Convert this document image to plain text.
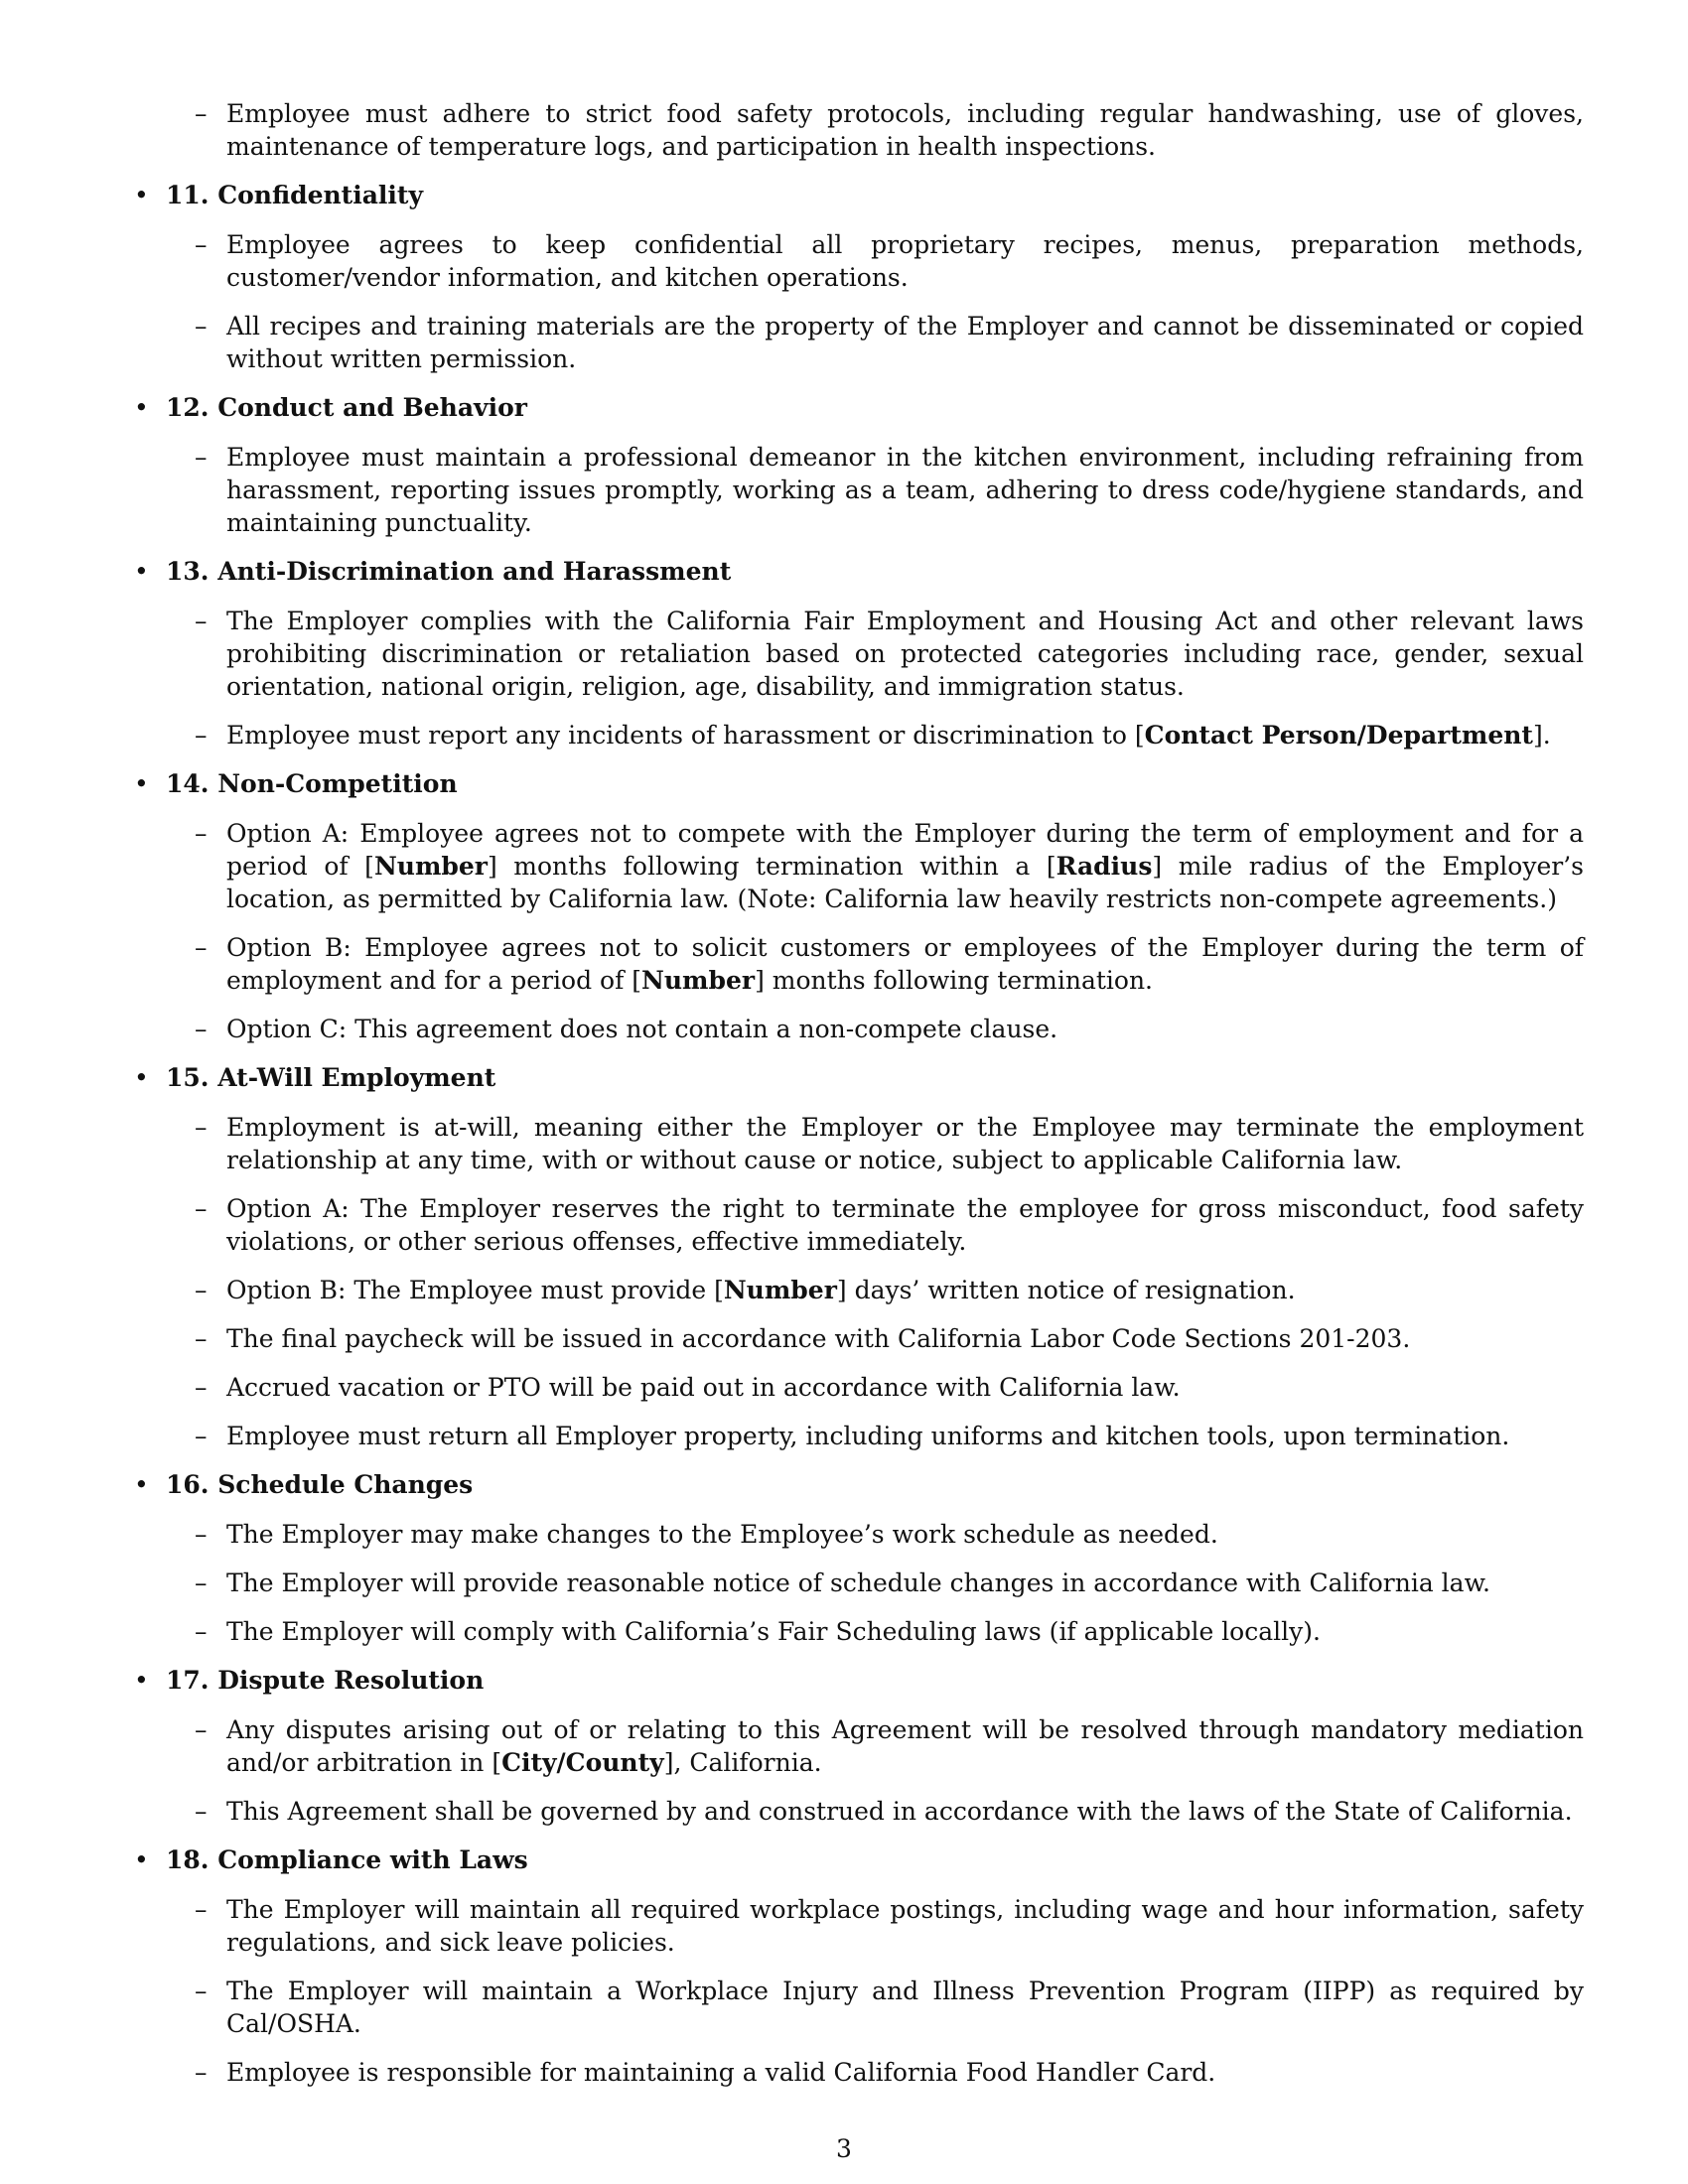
– Employee must adhere to strict food safety protocols, including regular handwashing, use of gloves, maintenance of temperature logs, and participation in health inspections.
• 11. Confidentiality
– Employee agrees to keep confidential all proprietary recipes, menus, preparation methods, customer/vendor information, and kitchen operations.
– All recipes and training materials are the property of the Employer and cannot be disseminated or copied without written permission.
• 12. Conduct and Behavior
– Employee must maintain a professional demeanor in the kitchen environment, including refraining from harassment, reporting issues promptly, working as a team, adhering to dress code/hygiene standards, and maintaining punctuality.
• 13. Anti-Discrimination and Harassment
– The Employer complies with the California Fair Employment and Housing Act and other relevant laws prohibiting discrimination or retaliation based on protected categories including race, gender, sexual orientation, national origin, religion, age, disability, and immigration status.
– Employee must report any incidents of harassment or discrimination to [Contact Person/Department].
• 14. Non-Competition
– Option A: Employee agrees not to compete with the Employer during the term of employment and for a period of [Number] months following termination within a [Radius] mile radius of the Employer’s location, as permitted by California law. (Note: California law heavily restricts non-compete agreements.)
– Option B: Employee agrees not to solicit customers or employees of the Employer during the term of employment and for a period of [Number] months following termination.
– Option C: This agreement does not contain a non-compete clause.
• 15. At-Will Employment
– Employment is at-will, meaning either the Employer or the Employee may terminate the employment relationship at any time, with or without cause or notice, subject to applicable California law.
– Option A: The Employer reserves the right to terminate the employee for gross misconduct, food safety violations, or other serious offenses, effective immediately.
– Option B: The Employee must provide [Number] days’ written notice of resignation.
– The final paycheck will be issued in accordance with California Labor Code Sections 201-203.
– Accrued vacation or PTO will be paid out in accordance with California law.
– Employee must return all Employer property, including uniforms and kitchen tools, upon termination.
• 16. Schedule Changes
– The Employer may make changes to the Employee’s work schedule as needed.
– The Employer will provide reasonable notice of schedule changes in accordance with California law.
– The Employer will comply with California’s Fair Scheduling laws (if applicable locally).
• 17. Dispute Resolution
– Any disputes arising out of or relating to this Agreement will be resolved through mandatory mediation and/or arbitration in [City/County], California.
– This Agreement shall be governed by and construed in accordance with the laws of the State of California.
• 18. Compliance with Laws
– The Employer will maintain all required workplace postings, including wage and hour information, safety regulations, and sick leave policies.
– The Employer will maintain a Workplace Injury and Illness Prevention Program (IIPP) as required by Cal/OSHA.
– Employee is responsible for maintaining a valid California Food Handler Card.
3
